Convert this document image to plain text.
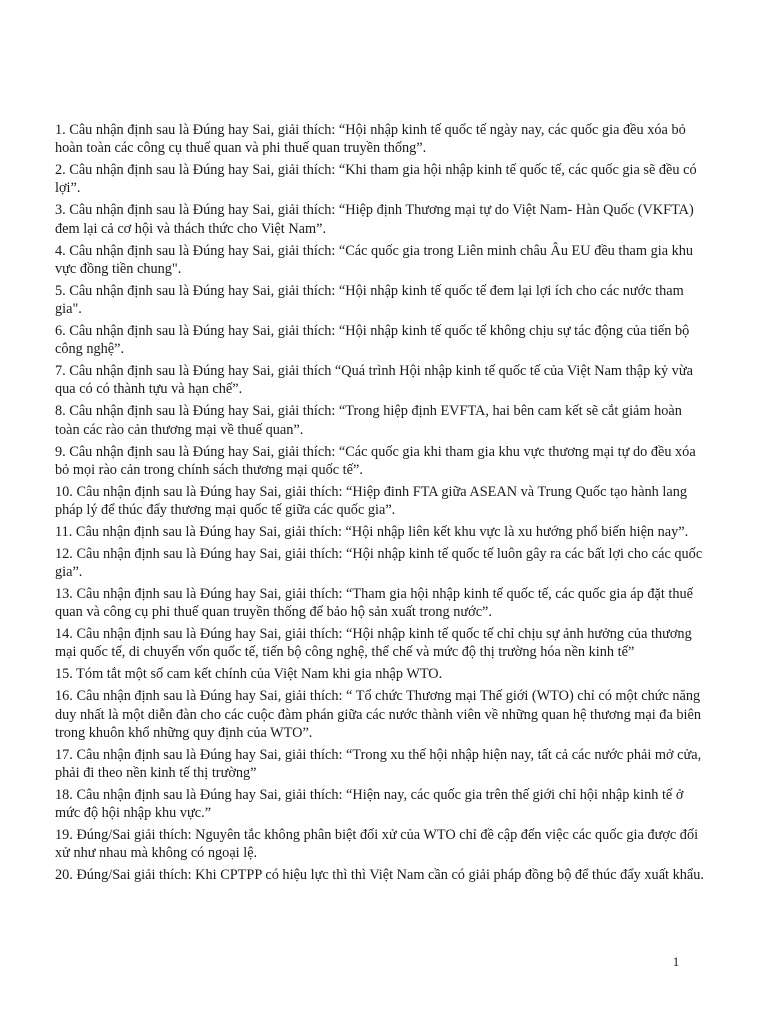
1. Câu nhận định sau là Đúng hay Sai, giải thích: “Hội nhập kinh tế quốc tế ngày nay, các quốc gia đều xóa bỏ hoàn toàn các công cụ thuế quan và phi thuế quan truyền thống”.
2. Câu nhận định sau là Đúng hay Sai, giải thích: “Khi tham gia hội nhập kinh tế quốc tế, các quốc gia sẽ đều có lợi”.
3. Câu nhận định sau là Đúng hay Sai, giải thích: “Hiệp định Thương mại tự do Việt Nam- Hàn Quốc (VKFTA) đem lại cả cơ hội và thách thức cho Việt Nam”.
4. Câu nhận định sau là Đúng hay Sai, giải thích: “Các quốc gia trong Liên minh châu Âu EU đều tham gia khu vực đồng tiền chung".
5. Câu nhận định sau là Đúng hay Sai, giải thích: “Hội nhập kinh tế quốc tế đem lại lợi ích cho các nước tham gia".
6. Câu nhận định sau là Đúng hay Sai, giải thích: “Hội nhập kinh tế quốc tế không chịu sự tác động của tiến bộ công nghệ”.
7. Câu nhận định sau là Đúng hay Sai, giải thích “Quá trình Hội nhập kinh tế quốc tế của Việt Nam thập kỷ vừa qua có có thành tựu và hạn chế”.
8. Câu nhận định sau là Đúng hay Sai, giải thích: “Trong hiệp định EVFTA, hai bên cam kết sẽ cắt giảm hoàn toàn các rào cản thương mại về thuế quan”.
9. Câu nhận định sau là Đúng hay Sai, giải thích: “Các quốc gia khi tham gia khu vực thương mại tự do đều xóa bỏ mọi rào cản trong chính sách thương mại quốc tế”.
10. Câu nhận định sau là Đúng hay Sai, giải thích: “Hiệp đinh FTA giữa ASEAN và Trung Quốc tạo hành lang pháp lý để thúc đẩy thương mại quốc tế giữa các quốc gia”.
11. Câu nhận định sau là Đúng hay Sai, giải thích: “Hội nhập liên kết khu vực là xu hướng phổ biến hiện nay”.
12. Câu nhận định sau là Đúng hay Sai, giải thích: “Hội nhập kinh tế quốc tế luôn gây ra các bất lợi cho các quốc gia”.
13. Câu nhận định sau là Đúng hay Sai, giải thích: “Tham gia hội nhập kinh tế quốc tế, các quốc gia áp đặt thuế quan và công cụ phi thuế quan truyền thống để bảo hộ sản xuất trong nước”.
14. Câu nhận định sau là Đúng hay Sai, giải thích: “Hội nhập kinh tế quốc tế chỉ chịu sự ảnh hưởng của thương mại quốc tế, di chuyển vốn quốc tế, tiến bộ công nghệ, thể chế và mức độ thị trường hóa nền kinh tế”
15. Tóm tắt một số cam kết chính của Việt Nam khi gia nhập WTO.
16. Câu nhận định sau là Đúng hay Sai, giải thích: “ Tổ chức Thương mại Thế giới (WTO) chỉ có một chức năng duy nhất là một diễn đàn cho các cuộc đàm phán giữa các nước thành viên về những quan hệ thương mại đa biên trong khuôn khổ những quy định của WTO”.
17. Câu nhận định sau là Đúng hay Sai, giải thích: “Trong xu thế hội nhập hiện nay, tất cả các nước phải mở cửa, phải đi theo nền kinh tế thị trường”
18. Câu nhận định sau là Đúng hay Sai, giải thích: “Hiện nay, các quốc gia trên thế giới chỉ hội nhập kinh tế ở mức độ hội nhập khu vực.”
19. Đúng/Sai giải thích: Nguyên tắc không phân biệt đối xử của WTO chỉ đề cập đến việc các quốc gia được đối xử như nhau mà không có ngoại lệ.
20. Đúng/Sai giải thích: Khi CPTPP có hiệu lực thì thì Việt Nam cần có giải pháp đồng bộ để thúc đẩy xuất khẩu.
1
